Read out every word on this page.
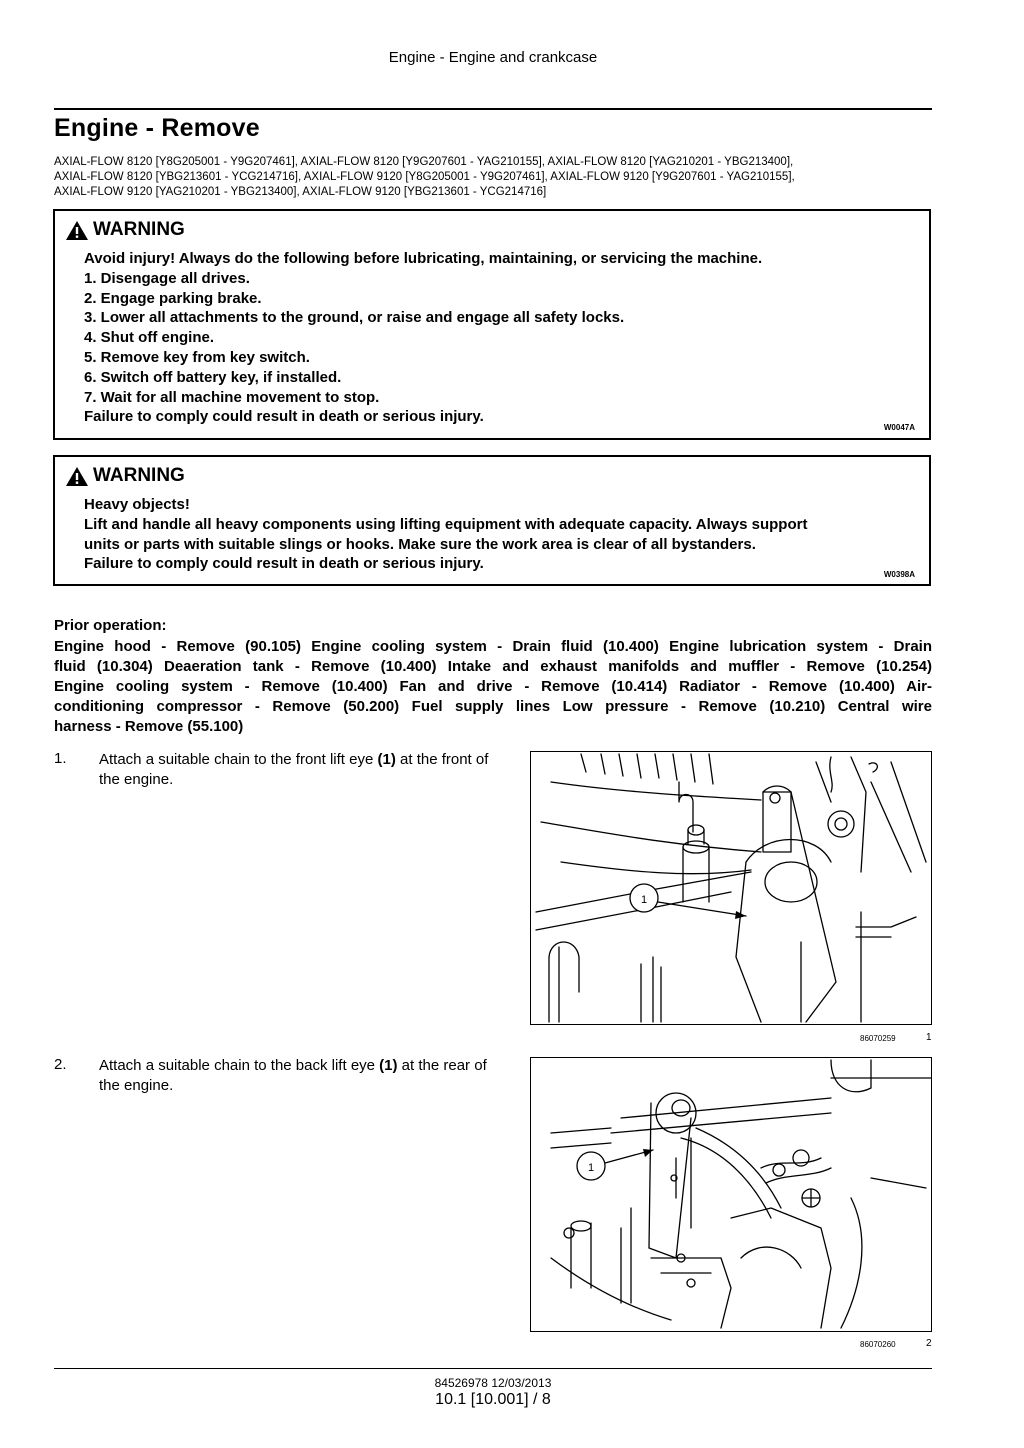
Engine - Engine and crankcase
Engine - Remove
AXIAL-FLOW 8120 [Y8G205001 - Y9G207461], AXIAL-FLOW 8120 [Y9G207601 - YAG210155], AXIAL-FLOW 8120 [YAG210201 - YBG213400],
AXIAL-FLOW 8120 [YBG213601 - YCG214716], AXIAL-FLOW 9120 [Y8G205001 - Y9G207461], AXIAL-FLOW 9120 [Y9G207601 - YAG210155],
AXIAL-FLOW 9120 [YAG210201 - YBG213400], AXIAL-FLOW 9120 [YBG213601 - YCG214716]
WARNING
Avoid injury! Always do the following before lubricating, maintaining, or servicing the machine.
1. Disengage all drives.
2. Engage parking brake.
3. Lower all attachments to the ground, or raise and engage all safety locks.
4. Shut off engine.
5. Remove key from key switch.
6. Switch off battery key, if installed.
7. Wait for all machine movement to stop.
Failure to comply could result in death or serious injury.
W0047A
WARNING
Heavy objects!
Lift and handle all heavy components using lifting equipment with adequate capacity. Always support
units or parts with suitable slings or hooks. Make sure the work area is clear of all bystanders.
Failure to comply could result in death or serious injury.
W0398A
Prior operation:
Engine hood - Remove (90.105) Engine cooling system - Drain fluid (10.400) Engine lubrication system - Drain
fluid (10.304) Deaeration tank - Remove (10.400) Intake and exhaust manifolds and muffler - Remove (10.254)
Engine cooling system - Remove (10.400) Fan and drive - Remove (10.414) Radiator - Remove (10.400) Air-
conditioning compressor - Remove (50.200) Fuel supply lines Low pressure - Remove (10.210) Central wire
harness - Remove (55.100)
1. Attach a suitable chain to the front lift eye (1) at the front of the engine.
1
86070259	1
2. Attach a suitable chain to the back lift eye (1) at the rear of the engine.
1
86070260	2
84526978 12/03/2013
10.1 [10.001] / 8
